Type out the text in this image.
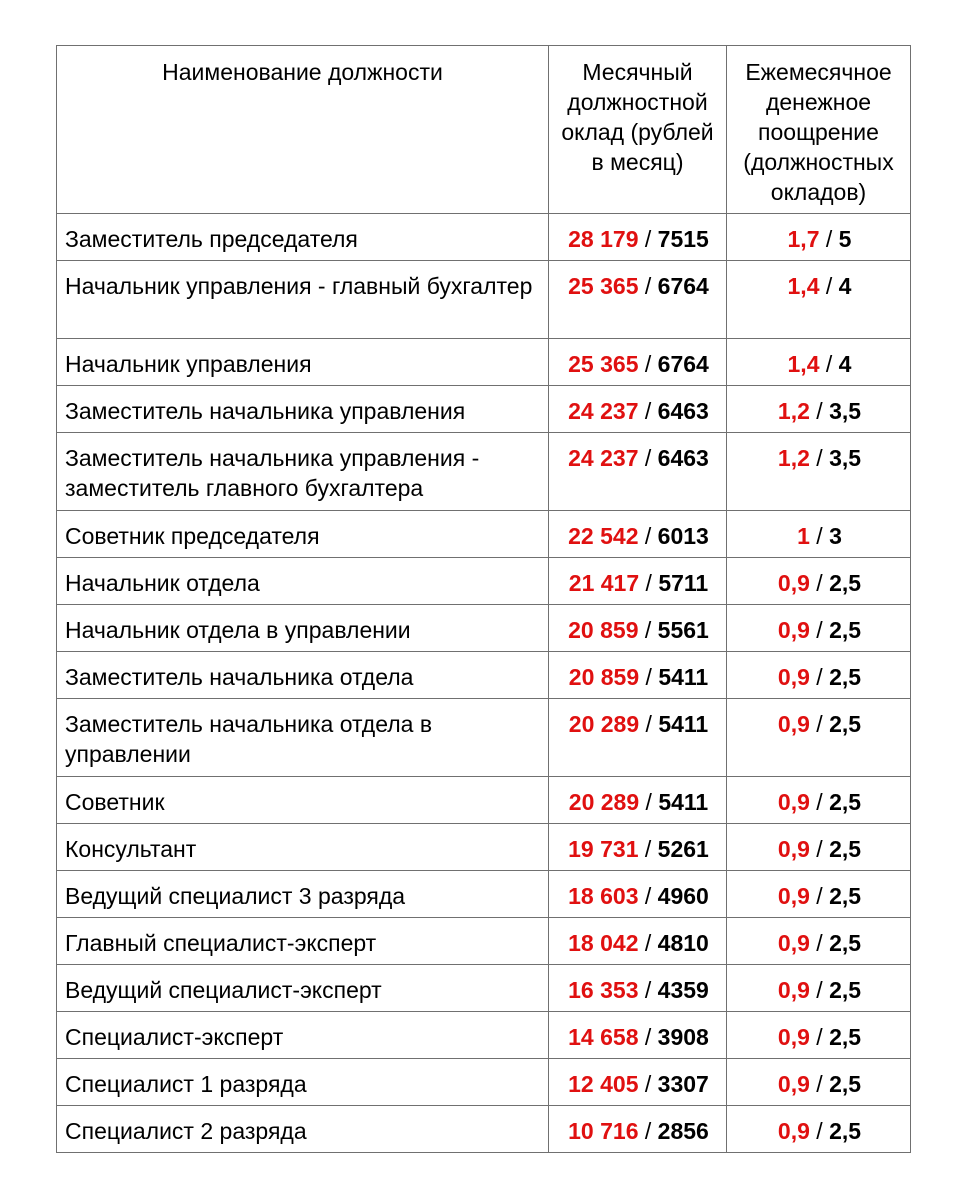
Наименование должности	Месячный должностной оклад (рублей в месяц)	Ежемесячное денежное поощрение (должностных окладов)
Заместитель председателя	28 179 / 7515	1,7 / 5
Начальник управления - главный бухгалтер	25 365 / 6764	1,4 / 4
Начальник управления	25 365 / 6764	1,4 / 4
Заместитель начальника управления	24 237 / 6463	1,2 / 3,5
Заместитель начальника управления - заместитель главного бухгалтера	24 237 / 6463	1,2 / 3,5
Советник председателя	22 542 / 6013	1 / 3
Начальник отдела	21 417 / 5711	0,9 / 2,5
Начальник отдела в управлении	20 859 / 5561	0,9 / 2,5
Заместитель начальника отдела	20 859 / 5411	0,9 / 2,5
Заместитель начальника отдела в управлении	20 289 / 5411	0,9 / 2,5
Советник	20 289 / 5411	0,9 / 2,5
Консультант	19 731 / 5261	0,9 / 2,5
Ведущий специалист 3 разряда	18 603 / 4960	0,9 / 2,5
Главный специалист-эксперт	18 042 / 4810	0,9 / 2,5
Ведущий специалист-эксперт	16 353 / 4359	0,9 / 2,5
Специалист-эксперт	14 658 / 3908	0,9 / 2,5
Специалист 1 разряда	12 405 / 3307	0,9 / 2,5
Специалист 2 разряда	10 716 / 2856	0,9 / 2,5
